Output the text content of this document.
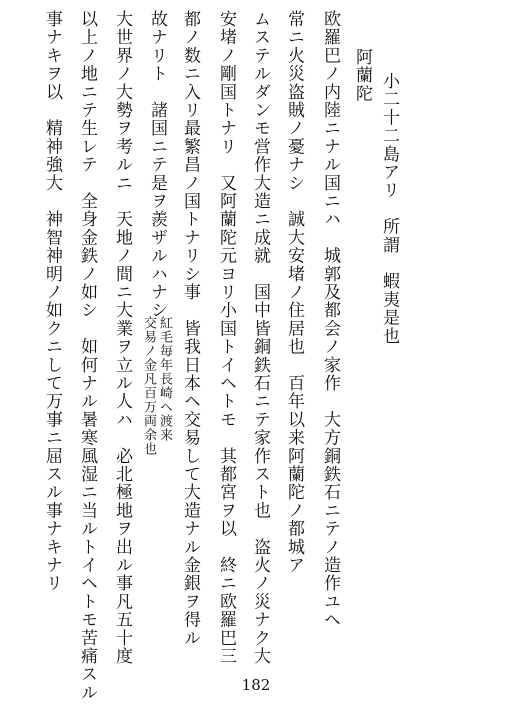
小二十二島アリ　所謂　蝦夷是也
阿蘭陀
欧羅巴ノ内陸ニナル国ニハ　城郭及都会ノ家作　大方銅鉄石ニテノ造作ユヘ
常ニ火災盗賊ノ憂ナシ　誠大安堵ノ住居也　百年以来阿蘭陀ノ都城ア
ムステルダンモ営作大造ニ成就　国中皆銅鉄石ニテ家作スト也　盗火ノ災ナク大
安堵ノ剛国トナリ　又阿蘭陀元ヨリ小国トイヘトモ　其都宮ヲ以　終ニ欧羅巴三
都ノ数ニ入リ最繁昌ノ国トナリシ事　皆我日本ヘ交易して大造ナル金銀ヲ得ル
故ナリト　諸国ニテ是ヲ羨ザルハナシ
紅毛毎年長崎へ渡来
交易ノ金凡百万両余也
大世界ノ大勢ヲ考ルニ　天地ノ間ニ大業ヲ立ル人ハ　必北極地ヲ出ル事凡五十度
以上ノ地ニテ生レテ　全身金鉄ノ如シ　如何ナル暑寒風湿ニ当ルトイヘトモ苦痛スル
事ナキヲ以　精神強大　神智神明ノ如クニして万事ニ屈スル事ナキナリ
182
